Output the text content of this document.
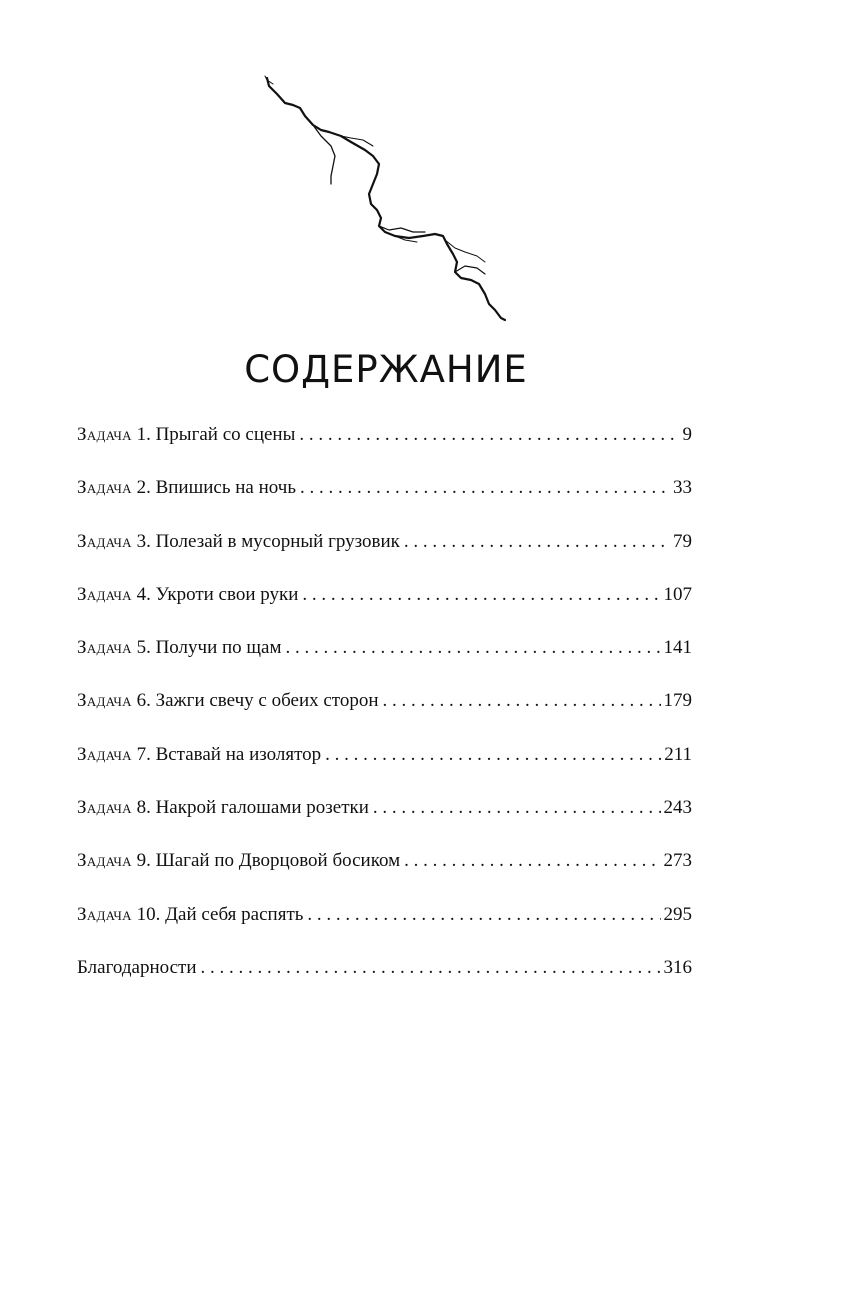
СОДЕРЖАНИЕ
Задача 1. Прыгай со сцены . . .	9
Задача 2. Впишись на ночь . . .	33
Задача 3. Полезай в мусорный грузовик . . .	79
Задача 4. Укроти свои руки . . .	107
Задача 5. Получи по щам . . .	141
Задача 6. Зажги свечу с обеих сторон . . .	179
Задача 7. Вставай на изолятор . . .	211
Задача 8. Накрой галошами розетки . . .	243
Задача 9. Шагай по Дворцовой босиком . . .	273
Задача 10. Дай себя распять . . .	295
Благодарности . . .	316
